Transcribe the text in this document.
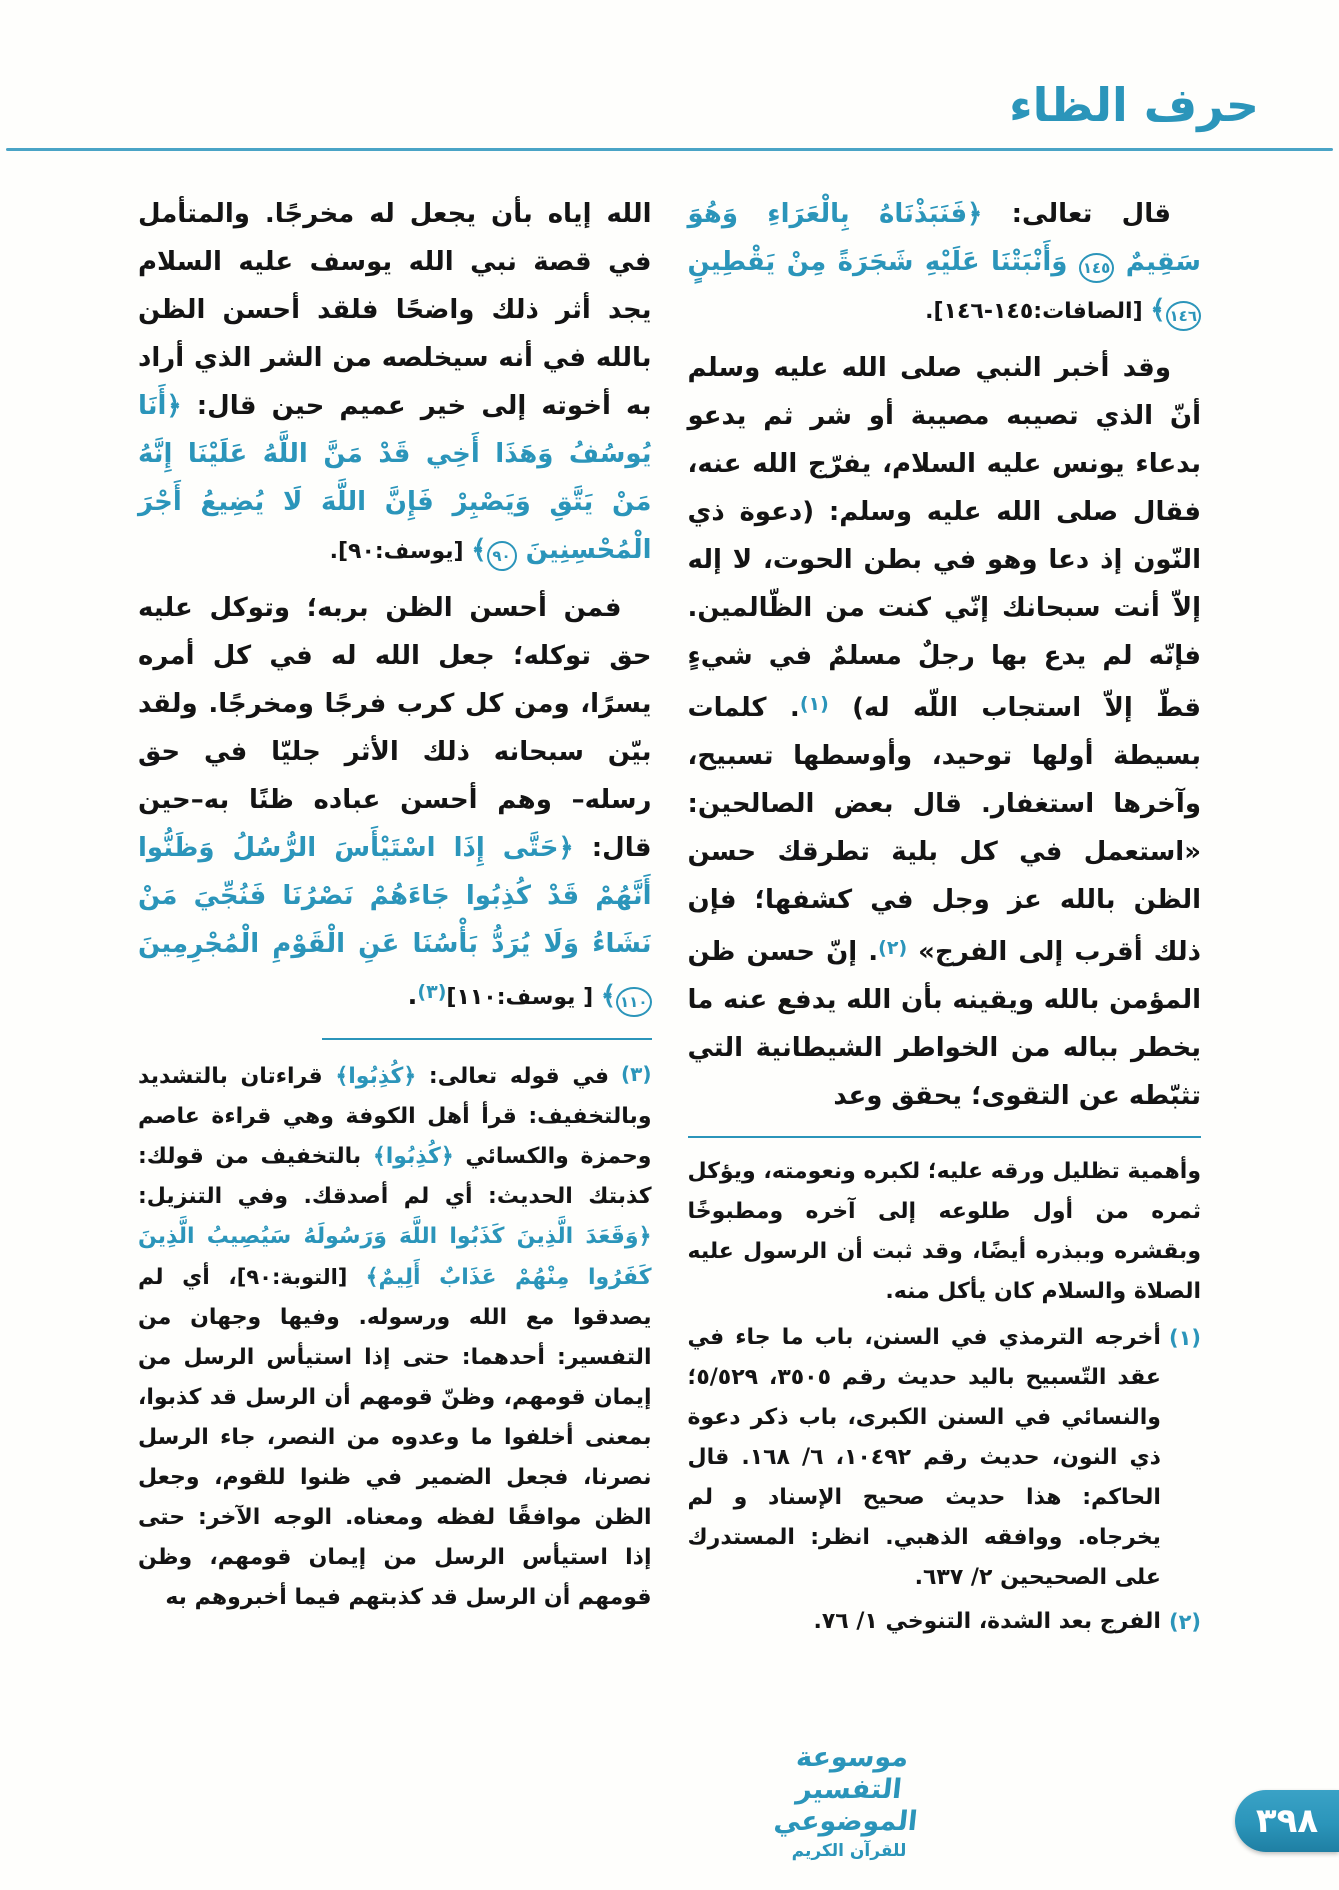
حرف الظاء

قال تعالى: ﴿فَنَبَذْنَاهُ بِالْعَرَاءِ وَهُوَ سَقِيمٌ ١٤٥ وَأَنْبَتْنَا عَلَيْهِ شَجَرَةً مِنْ يَقْطِينٍ ١٤٦﴾ [الصافات:١٤٥-١٤٦].

وقد أخبر النبي صلى الله عليه وسلم أنّ الذي تصيبه مصيبة أو شر ثم يدعو بدعاء يونس عليه السلام، يفرّج الله عنه، فقال صلى الله عليه وسلم: (دعوة ذي النّون إذ دعا وهو في بطن الحوت، لا إله إلاّ أنت سبحانك إنّي كنت من الظّالمين. فإنّه لم يدع بها رجلٌ مسلمٌ في شيءٍ قطّ إلاّ استجاب اللّه له) $^{(١)}$. كلمات بسيطة أولها توحيد، وأوسطها تسبيح، وآخرها استغفار. قال بعض الصالحين: «استعمل في كل بلية تطرقك حسن الظن بالله عز وجل في كشفها؛ فإن ذلك أقرب إلى الفرج» $^{(٢)}$. إنّ حسن ظن المؤمن بالله ويقينه بأن الله يدفع عنه ما يخطر بباله من الخواطر الشيطانية التي تثبّطه عن التقوى؛ يحقق وعد

وأهمية تظليل ورقه عليه؛ لكبره ونعومته، ويؤكل ثمره من أول طلوعه إلى آخره ومطبوخًا وبقشره وببذره أيضًا، وقد ثبت أن الرسول عليه الصلاة والسلام كان يأكل منه.
(١)
أخرجه الترمذي في السنن، باب ما جاء في عقد التّسبيح باليد حديث رقم ٣٥٠٥، ٥/٥٢٩؛ والنسائي في السنن الكبرى، باب ذكر دعوة ذي النون، حديث رقم ١٠٤٩٢، ٦/ ١٦٨. قال الحاكم: هذا حديث صحيح الإسناد و لم يخرجاه. ووافقه الذهبي. انظر: المستدرك على الصحيحين ٢/ ٦٣٧.
(٢)
الفرج بعد الشدة، التنوخي ١/ ٧٦.

الله إياه بأن يجعل له مخرجًا. والمتأمل في قصة نبي الله يوسف عليه السلام يجد أثر ذلك واضحًا فلقد أحسن الظن بالله في أنه سيخلصه من الشر الذي أراد به أخوته إلى خير عميم حين قال: ﴿أَنَا يُوسُفُ وَهَذَا أَخِي قَدْ مَنَّ اللَّهُ عَلَيْنَا إِنَّهُ مَنْ يَتَّقِ وَيَصْبِرْ فَإِنَّ اللَّهَ لَا يُضِيعُ أَجْرَ الْمُحْسِنِينَ ٩٠﴾ [يوسف:٩٠].

فمن أحسن الظن بربه؛ وتوكل عليه حق توكله؛ جعل الله له في كل أمره يسرًا، ومن كل كرب فرجًا ومخرجًا. ولقد بيّن سبحانه ذلك الأثر جليّا في حق رسله– وهم أحسن عباده ظنًا به–حين قال: ﴿حَتَّى إِذَا اسْتَيْأَسَ الرُّسُلُ وَظَنُّوا أَنَّهُمْ قَدْ كُذِبُوا جَاءَهُمْ نَصْرُنَا فَنُجِّيَ مَنْ نَشَاءُ وَلَا يُرَدُّ بَأْسُنَا عَنِ الْقَوْمِ الْمُجْرِمِينَ ١١٠﴾ [ يوسف:١١٠]$^{(٣)}$.

(٣) في قوله تعالى: ﴿كُذِبُوا﴾ قراءتان بالتشديد وبالتخفيف: قرأ أهل الكوفة وهي قراءة عاصم وحمزة والكسائي ﴿كُذِبُوا﴾ بالتخفيف من قولك: كذبتك الحديث: أي لم أصدقك. وفي التنزيل: ﴿وَقَعَدَ الَّذِينَ كَذَبُوا اللَّهَ وَرَسُولَهُ سَيُصِيبُ الَّذِينَ كَفَرُوا مِنْهُمْ عَذَابٌ أَلِيمٌ﴾ [التوبة:٩٠]، أي لم يصدقوا مع الله ورسوله. وفيها وجهان من التفسير: أحدهما: حتى إذا استيأس الرسل من إيمان قومهم، وظنّ قومهم أن الرسل قد كذبوا، بمعنى أخلفوا ما وعدوه من النصر، جاء الرسل نصرنا، فجعل الضمير في ظنوا للقوم، وجعل الظن موافقًا لفظه ومعناه. الوجه الآخر: حتى إذا استيأس الرسل من إيمان قومهم، وظن قومهم أن الرسل قد كذبتهم فيما أخبروهم به
موسوعة التفسير الموضوعي
للقرآن الكريم
٣٩٨
